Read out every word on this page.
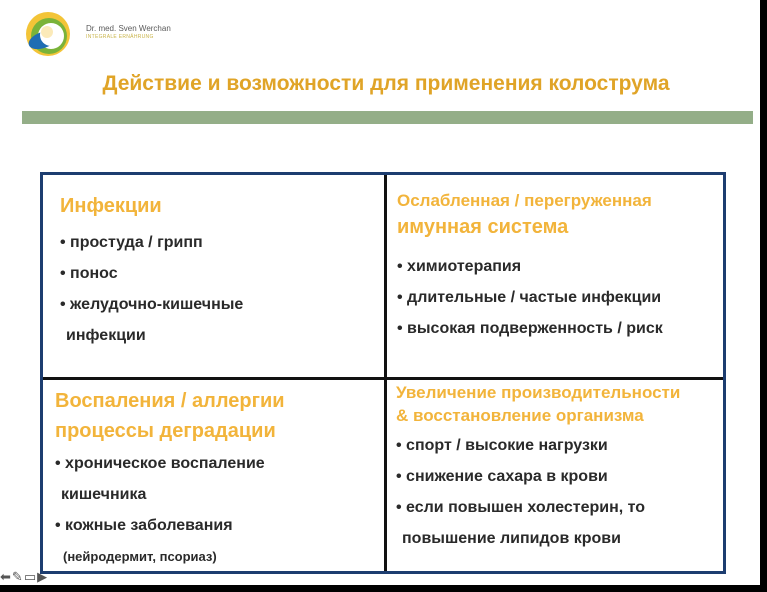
Dr. med. Sven Werchan
INTEGRALE ERNÄHRUNG
Действие и возможности для применения колострума

Инфекции

• простуда / грипп
• понос
• желудочно-кишечные
инфекции

Ослабленная / перегруженная

имунная система

• химиотерапия
• длительные / частые инфекции
• высокая подверженность / риск

Воспаления / аллергии

процессы деградации

• хроническое воспаление
кишечника
• кожные заболевания
(нейродермит, псориаз)

Увеличение производительности

& восстановление организма

• спорт / высокие нагрузки
• снижение сахара в крови
• если повышен холестерин, то
повышение липидов крови
⬅✎▭▶
